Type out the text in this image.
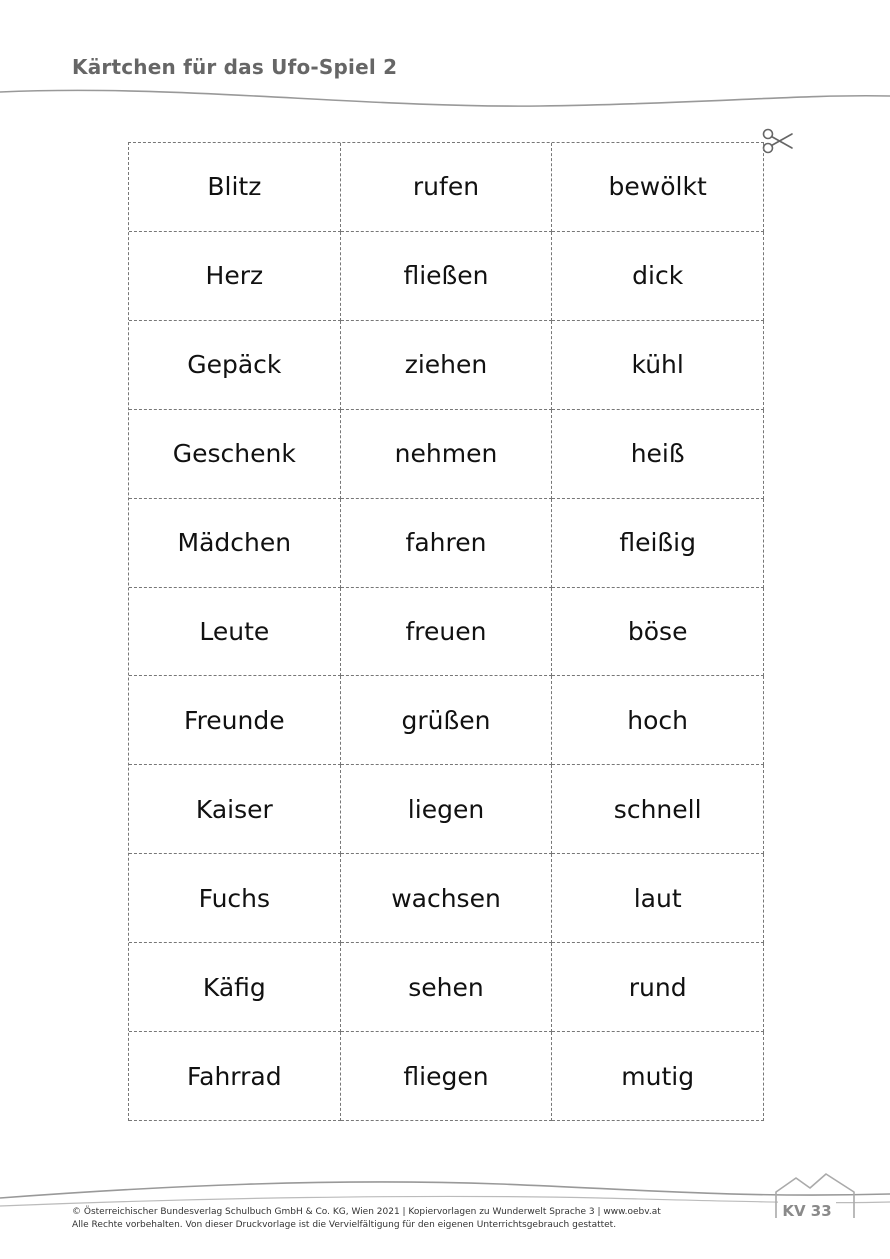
Kärtchen für das Ufo-Spiel 2
Blitz	rufen	bewölkt
Herz	fließen	dick
Gepäck	ziehen	kühl
Geschenk	nehmen	heiß
Mädchen	fahren	fleißig
Leute	freuen	böse
Freunde	grüßen	hoch
Kaiser	liegen	schnell
Fuchs	wachsen	laut
Käfig	sehen	rund
Fahrrad	fliegen	mutig
KV 33

© Österreichischer Bundesverlag Schulbuch GmbH & Co. KG, Wien 2021 | Kopiervorlagen zu Wunderwelt Sprache 3 | www.oebv.at

Alle Rechte vorbehalten. Von dieser Druckvorlage ist die Vervielfältigung für den eigenen Unterrichtsgebrauch gestattet.
